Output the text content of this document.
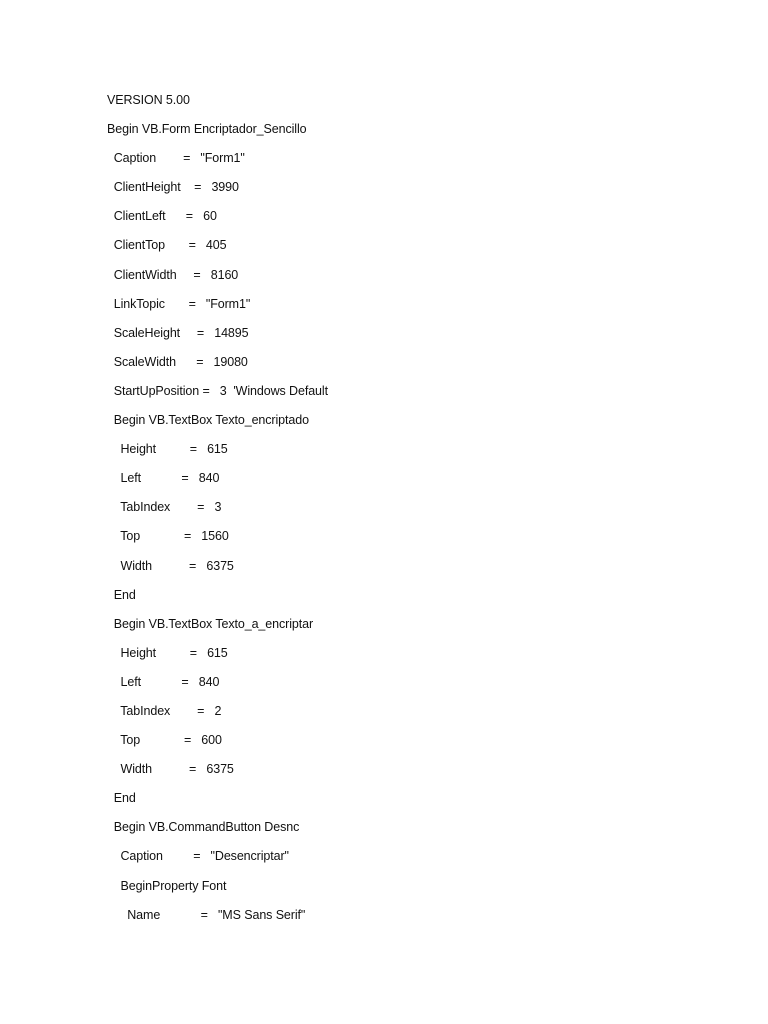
VERSION 5.00
Begin VB.Form Encriptador_Sencillo
Caption        =   "Form1"
ClientHeight    =   3990
ClientLeft      =   60
ClientTop       =   405
ClientWidth     =   8160
LinkTopic       =   "Form1"
ScaleHeight     =   14895
ScaleWidth      =   19080
StartUpPosition =   3  'Windows Default
Begin VB.TextBox Texto_encriptado
Height          =   615
Left            =   840
TabIndex        =   3
Top             =   1560
Width           =   6375
End
Begin VB.TextBox Texto_a_encriptar
Height          =   615
Left            =   840
TabIndex        =   2
Top             =   600
Width           =   6375
End
Begin VB.CommandButton Desnc
Caption         =   "Desencriptar"
BeginProperty Font
Name            =   "MS Sans Serif"
